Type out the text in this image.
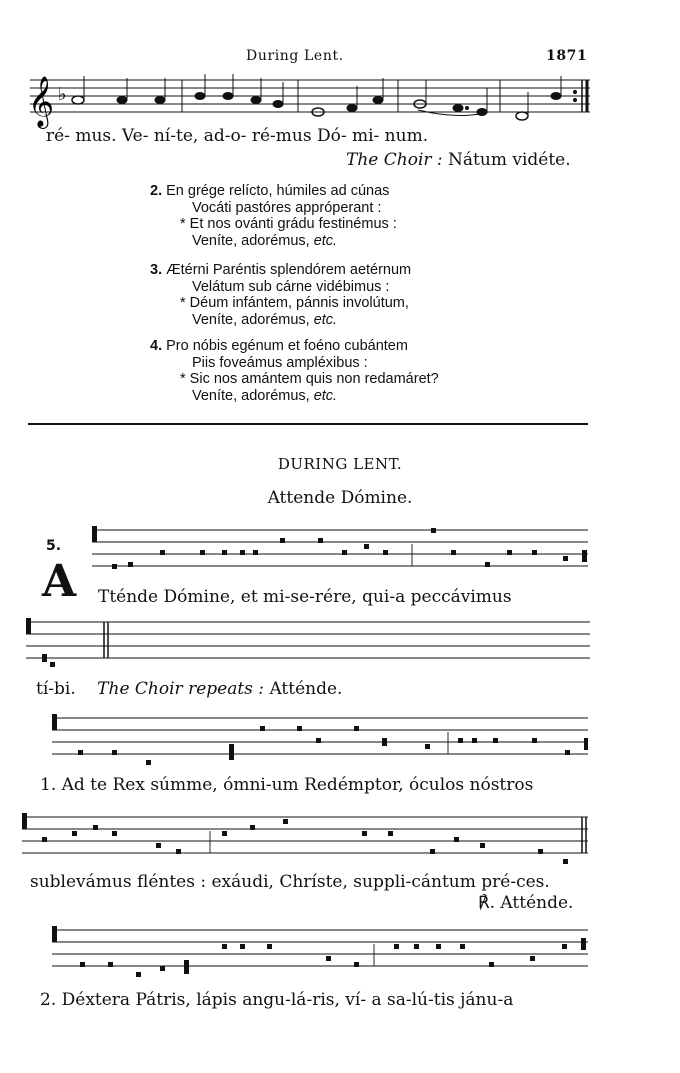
During Lent.	1871
𝄞 ♭
ré- mus. Ve- ní-te, ad-o- ré-mus Dó- mi- num.
The Choir : Nátum vidéte.
2. En grége relícto, húmiles ad cúnas
Vocáti pastóres appróperant :
* Et nos ovánti grádu festinémus :
Veníte, adorémus, etc.
3. Ætérni Paréntis splendórem aetérnum
Velátum sub cárne vidébimus :
* Déum infántem, pánnis involútum,
Veníte, adorémus, etc.
4. Pro nóbis egénum et foéno cubántem
Piis foveámus ampléxibus :
* Sic nos amántem quis non redamáret?
Veníte, adorémus, etc.
DURING LENT.
Attende Dómine.
5.
A Tténde Dómine, et mi-se-rére, qui-a peccávimus
tí-bi. The Choir repeats : Atténde.
1. Ad te Rex súmme, ómni-um Redémptor, óculos nóstros
sublevámus fléntes : exáudi, Chríste, suppli-cántum pré-ces.
℟. Atténde.
2. Déxtera Pátris, lápis angu-lá-ris, ví- a sa-lú-tis jánu-a
